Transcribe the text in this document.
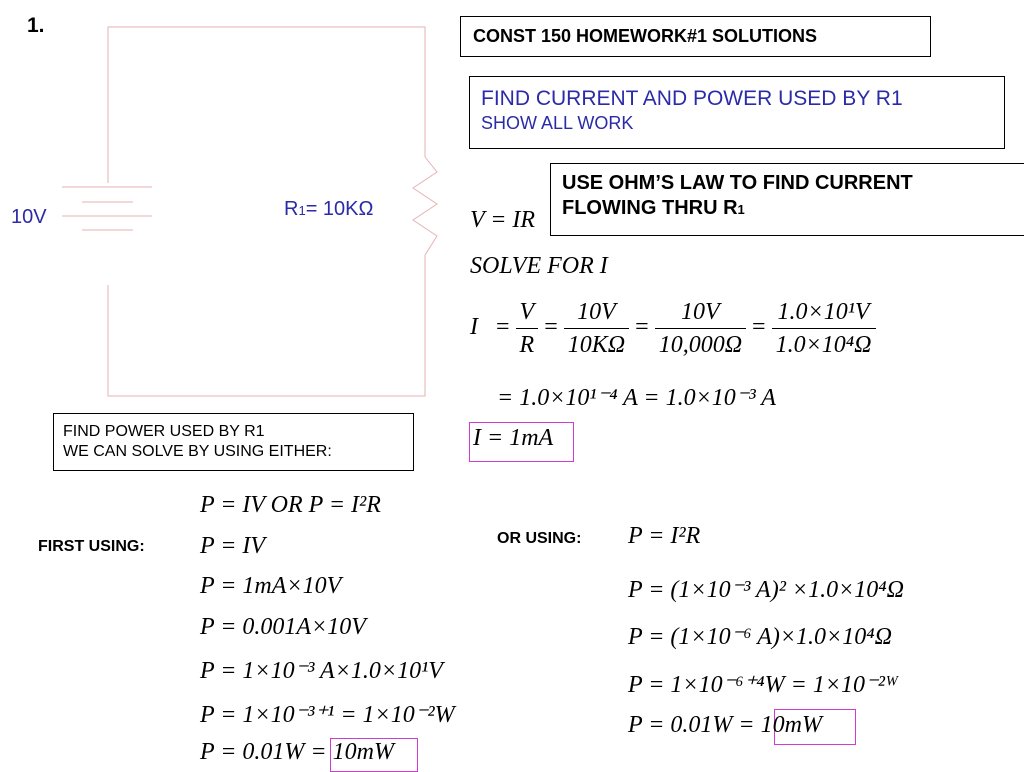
1.
10V	R1= 10KΩ
CONST 150 HOMEWORK#1 SOLUTIONS
FIND CURRENT AND POWER USED BY R1
SHOW ALL WORK
USE OHM’S LAW TO FIND CURRENT
FLOWING THRU R1
V = IR
SOLVE FOR I
$I = \frac{V}{R} = \frac{10V}{10K\Omega} = \frac{10V}{10,000\Omega} = \frac{\text{1.0×10¹V}}{\text{1.0×10⁴Ω}}$
= 1.0×10¹⁻⁴ A = 1.0×10⁻³ A
I = 1mA
FIND POWER USED BY R1
WE CAN SOLVE BY USING EITHER:
P = IV OR P = I²R
FIRST USING: P = IV
P = 1mA×10V
P = 0.001A×10V
P = 1×10⁻³ A×1.0×10¹V
P = 1×10⁻³⁺¹ = 1×10⁻²W
P = 0.01W = 10mW
OR USING: P = I²R
P = (1×10⁻³ A)² ×1.0×10⁴Ω
P = (1×10⁻⁶ A)×1.0×10⁴Ω
P = 1×10⁻⁶⁺⁴W = 1×10⁻²ᵂ
P = 0.01W = 10mW
